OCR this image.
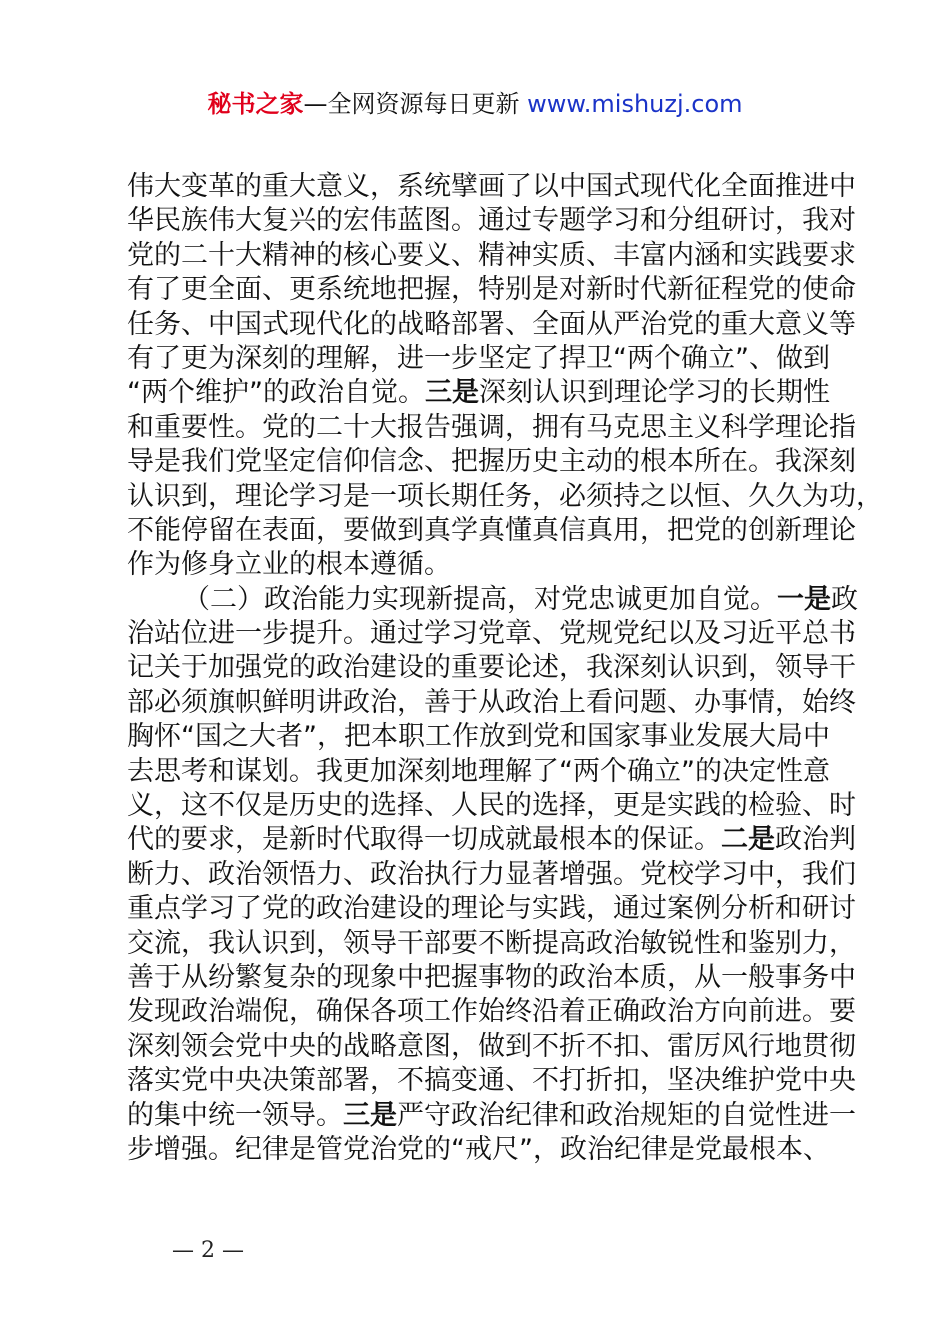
秘书之家—全网资源每日更新 www.mishuzj.com
伟大变革的重大意义，系统擘画了以中国式现代化全面推进中
华民族伟大复兴的宏伟蓝图。通过专题学习和分组研讨，我对
党的二十大精神的核心要义、精神实质、丰富内涵和实践要求
有了更全面、更系统地把握，特别是对新时代新征程党的使命
任务、中国式现代化的战略部署、全面从严治党的重大意义等
有了更为深刻的理解，进一步坚定了捍卫“两个确立”、做到
“两个维护”的政治自觉。三是深刻认识到理论学习的长期性
和重要性。党的二十大报告强调，拥有马克思主义科学理论指
导是我们党坚定信仰信念、把握历史主动的根本所在。我深刻
认识到，理论学习是一项长期任务，必须持之以恒、久久为功，
不能停留在表面，要做到真学真懂真信真用，把党的创新理论
作为修身立业的根本遵循。
（二）政治能力实现新提高，对党忠诚更加自觉。一是政
治站位进一步提升。通过学习党章、党规党纪以及习近平总书
记关于加强党的政治建设的重要论述，我深刻认识到，领导干
部必须旗帜鲜明讲政治，善于从政治上看问题、办事情，始终
胸怀“国之大者”，把本职工作放到党和国家事业发展大局中
去思考和谋划。我更加深刻地理解了“两个确立”的决定性意
义，这不仅是历史的选择、人民的选择，更是实践的检验、时
代的要求，是新时代取得一切成就最根本的保证。二是政治判
断力、政治领悟力、政治执行力显著增强。党校学习中，我们
重点学习了党的政治建设的理论与实践，通过案例分析和研讨
交流，我认识到，领导干部要不断提高政治敏锐性和鉴别力，
善于从纷繁复杂的现象中把握事物的政治本质，从一般事务中
发现政治端倪，确保各项工作始终沿着正确政治方向前进。要
深刻领会党中央的战略意图，做到不折不扣、雷厉风行地贯彻
落实党中央决策部署，不搞变通、不打折扣，坚决维护党中央
的集中统一领导。三是严守政治纪律和政治规矩的自觉性进一
步增强。纪律是管党治党的“戒尺”，政治纪律是党最根本、
— 2 —
